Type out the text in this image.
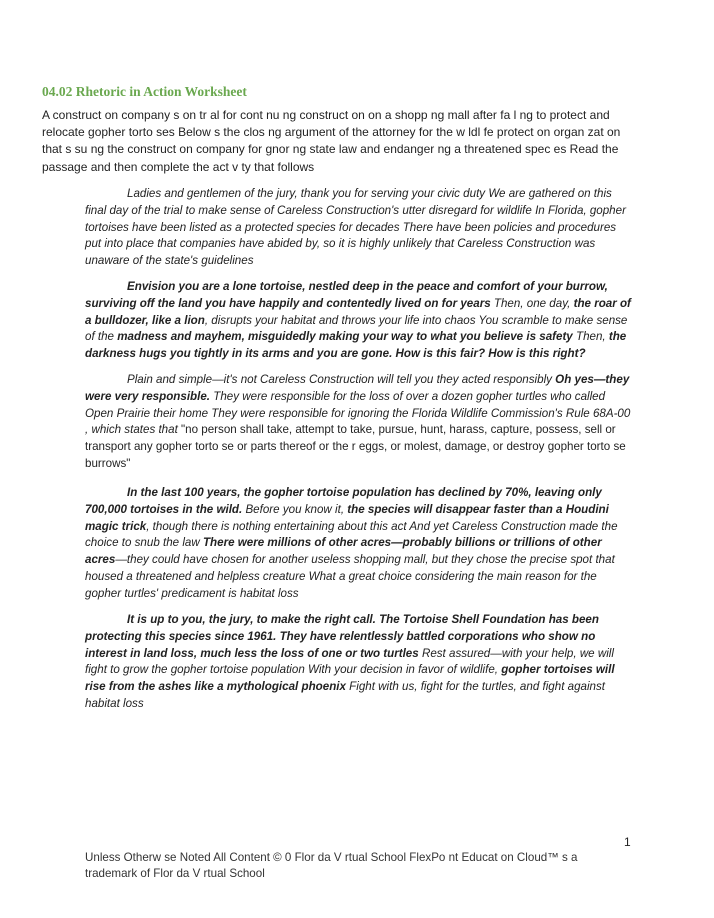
04.02 Rhetoric in Action Worksheet

A construct on company s on tr al for cont nu ng construct on on a shopp ng mall after fa l ng to protect and relocate gopher torto ses Below s the clos ng argument of the attorney for the w ldl fe protect on organ zat on that s su ng the construct on company for gnor ng state law and endanger ng a threatened spec es Read the passage and then complete the act v ty that follows

Ladies and gentlemen of the jury, thank you for serving your civic duty We are gathered on this final day of the trial to make sense of Careless Construction's utter disregard for wildlife In Florida, gopher tortoises have been listed as a protected species for decades There have been policies and procedures put into place that companies have abided by, so it is highly unlikely that Careless Construction was unaware of the state's guidelines

Envision you are a lone tortoise, nestled deep in the peace and comfort of your burrow, surviving off the land you have happily and contentedly lived on for years Then, one day, the roar of a bulldozer, like a lion, disrupts your habitat and throws your life into chaos You scramble to make sense of the madness and mayhem, misguidedly making your way to what you believe is safety Then, the darkness hugs you tightly in its arms and you are gone. How is this fair? How is this right?

Plain and simple—it's not Careless Construction will tell you they acted responsibly Oh yes—they were very responsible. They were responsible for the loss of over a dozen gopher turtles who called Open Prairie their home They were responsible for ignoring the Florida Wildlife Commission's Rule 68A-00 , which states that "no person shall take, attempt to take, pursue, hunt, harass, capture, possess, sell or transport any gopher torto se or parts thereof or the r eggs, or molest, damage, or destroy gopher torto se burrows"

In the last 100 years, the gopher tortoise population has declined by 70%, leaving only 700,000 tortoises in the wild. Before you know it, the species will disappear faster than a Houdini magic trick, though there is nothing entertaining about this act And yet Careless Construction made the choice to snub the law There were millions of other acres—probably billions or trillions of other acres—they could have chosen for another useless shopping mall, but they chose the precise spot that housed a threatened and helpless creature What a great choice considering the main reason for the gopher turtles' predicament is habitat loss

It is up to you, the jury, to make the right call. The Tortoise Shell Foundation has been protecting this species since 1961. They have relentlessly battled corporations who show no interest in land loss, much less the loss of one or two turtles Rest assured—with your help, we will fight to grow the gopher tortoise population With your decision in favor of wildlife, gopher tortoises will rise from the ashes like a mythological phoenix Fight with us, fight for the turtles, and fight against habitat loss

1
Unless Otherw se Noted All Content © 0 Flor da V rtual School FlexPo nt Educat on Cloud™ s a trademark of Flor da V rtual School
